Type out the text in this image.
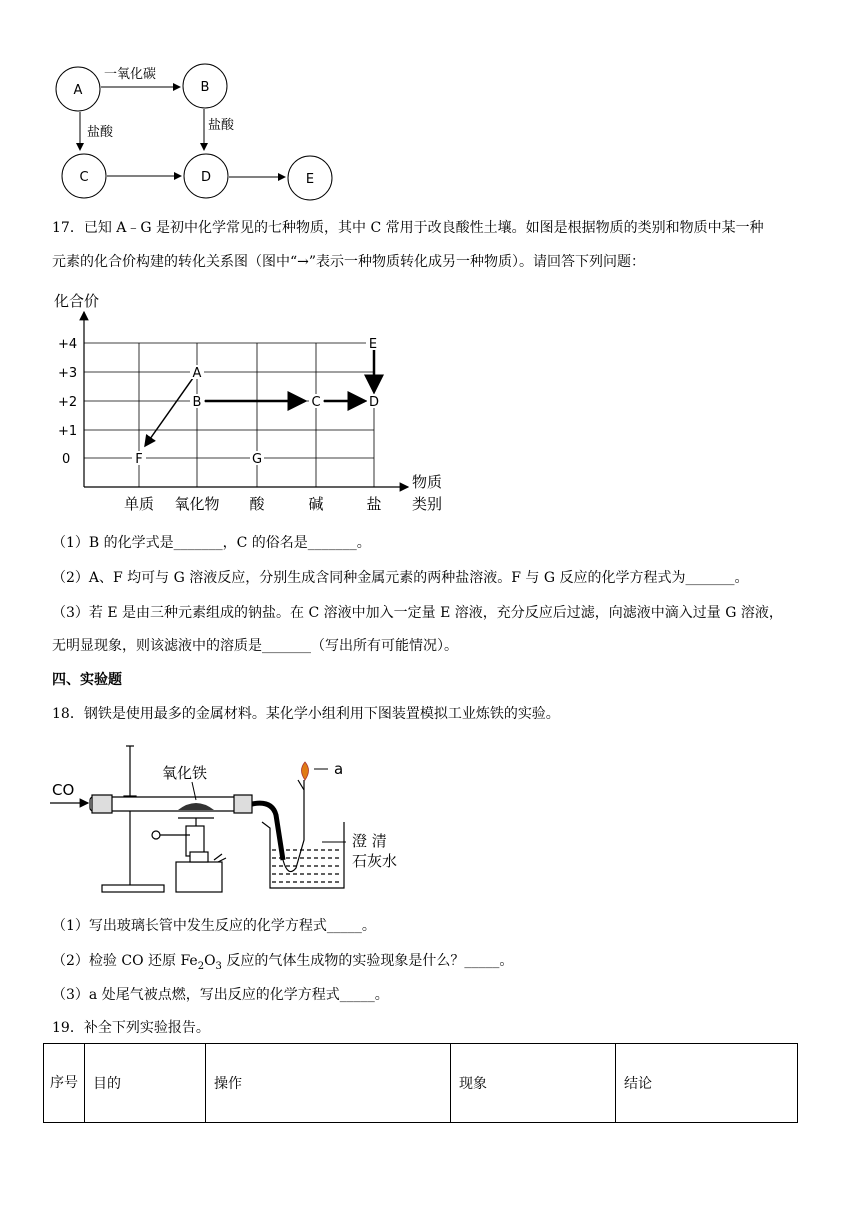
A	B
C	D	E
一氧化碳
盐酸	盐酸
17．已知 A﹣G 是初中化学常见的七种物质，其中 C 常用于改良酸性土壤。如图是根据物质的类别和物质中某一种
元素的化合价构建的转化关系图（图中“→”表示一种物质转化成另一种物质）。请回答下列问题：
化合价
+4
+3
+2
+1
0
单质 氧化物 酸	碱	盐
物质
类别
E
A
B	C	D
F	G
（1）B 的化学式是_______，C 的俗名是_______。
（2）A、F 均可与 G 溶液反应，分别生成含同种金属元素的两种盐溶液。F 与 G 反应的化学方程式为_______。
（3）若 E 是由三种元素组成的钠盐。在 C 溶液中加入一定量 E 溶液，充分反应后过滤，向滤液中滴入过量 G 溶液，
无明显现象，则该滤液中的溶质是_______（写出所有可能情况）。
四、实验题
18．钢铁是使用最多的金属材料。某化学小组利用下图装置模拟工业炼铁的实验。
CO
氧化铁	a
澄 清
石灰水
（1）写出玻璃长管中发生反应的化学方程式_____。
（2）检验 CO 还原 $Fe_2O_3$ 反应的气体生成物的实验现象是什么？_____。
（3）a 处尾气被点燃，写出反应的化学方程式_____。
19．补全下列实验报告。
序号	目的	操作	现象	结论
